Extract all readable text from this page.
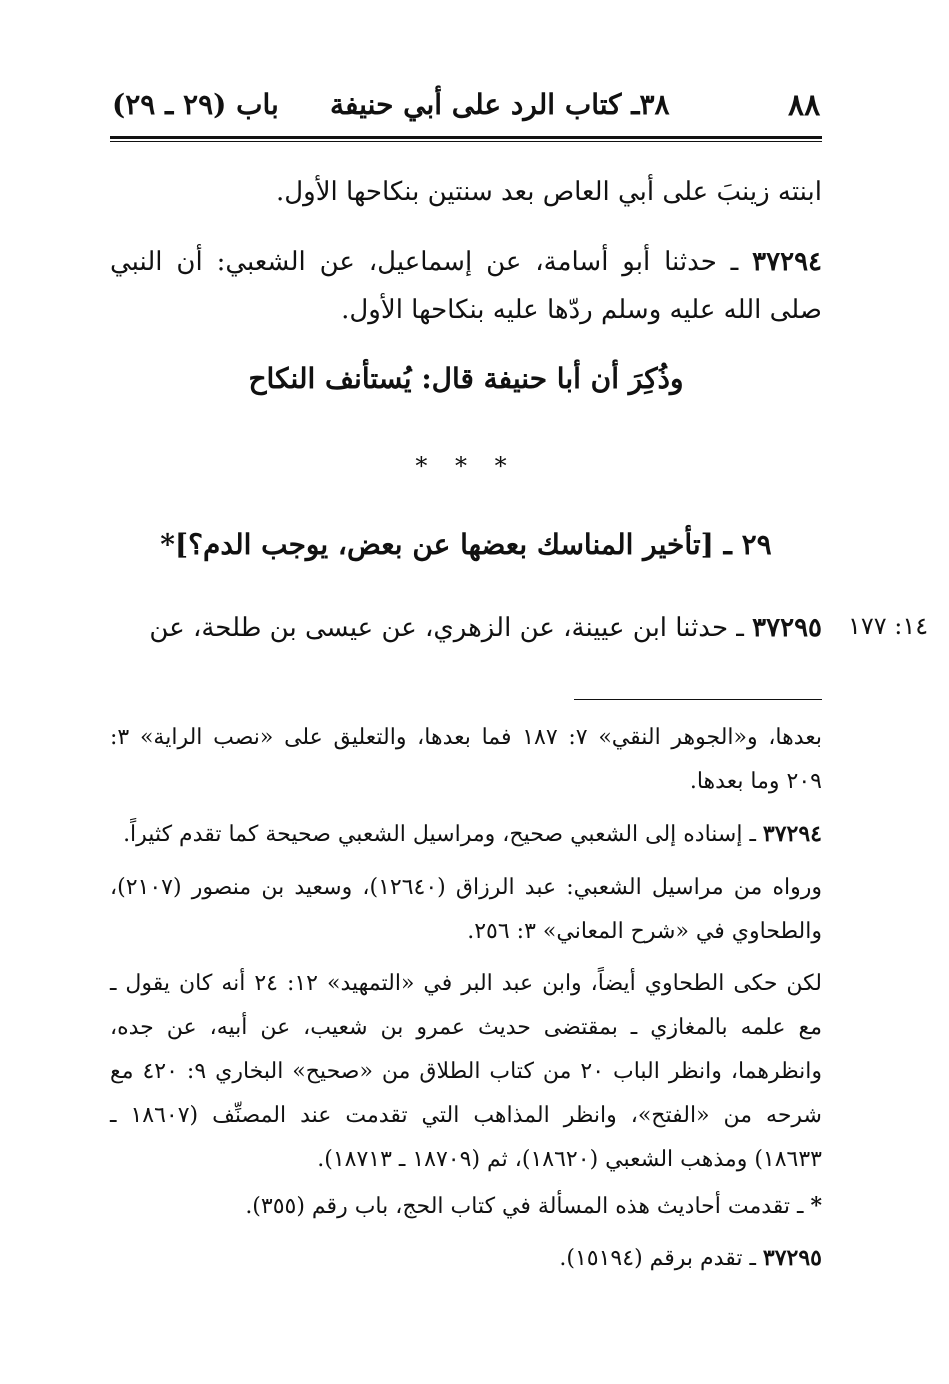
٨٨
٣٨ـ كتاب الرد على أبي حنيفة
باب (٢٩ ـ ٢٩)
ابنته زينبَ على أبي العاص بعد سنتين بنكاحها الأول.
٣٧٢٩٤ ـ حدثنا أبو أسامة، عن إسماعيل، عن الشعبي: أن النبي صلى الله عليه وسلم ردّها عليه بنكاحها الأول.
وذُكِرَ أن أبا حنيفة قال: يُستأنف النكاح
* * *
٢٩ ـ [تأخير المناسك بعضها عن بعض، يوجب الدم؟]*
٣٧٢٩٥ ـ حدثنا ابن عيينة، عن الزهري، عن عيسى بن طلحة، عن	١٤: ١٧٧
بعدها، و«الجوهر النقي» ٧: ١٨٧ فما بعدها، والتعليق على «نصب الراية» ٣: ٢٠٩ وما بعدها.
٣٧٢٩٤ ـ إسناده إلى الشعبي صحيح، ومراسيل الشعبي صحيحة كما تقدم كثيراً.
ورواه من مراسيل الشعبي: عبد الرزاق (١٢٦٤٠)، وسعيد بن منصور (٢١٠٧)، والطحاوي في «شرح المعاني» ٣: ٢٥٦.
لكن حكى الطحاوي أيضاً، وابن عبد البر في «التمهيد» ١٢: ٢٤ أنه كان يقول ـ مع علمه بالمغازي ـ بمقتضى حديث عمرو بن شعيب، عن أبيه، عن جده، وانظرهما، وانظر الباب ٢٠ من كتاب الطلاق من «صحيح» البخاري ٩: ٤٢٠ مع شرحه من «الفتح»، وانظر المذاهب التي تقدمت عند المصنِّف (١٨٦٠٧ ـ ١٨٦٣٣) ومذهب الشعبي (١٨٦٢٠)، ثم (١٨٧٠٩ ـ ١٨٧١٣).
* ـ تقدمت أحاديث هذه المسألة في كتاب الحج، باب رقم (٣٥٥).
٣٧٢٩٥ ـ تقدم برقم (١٥١٩٤).
